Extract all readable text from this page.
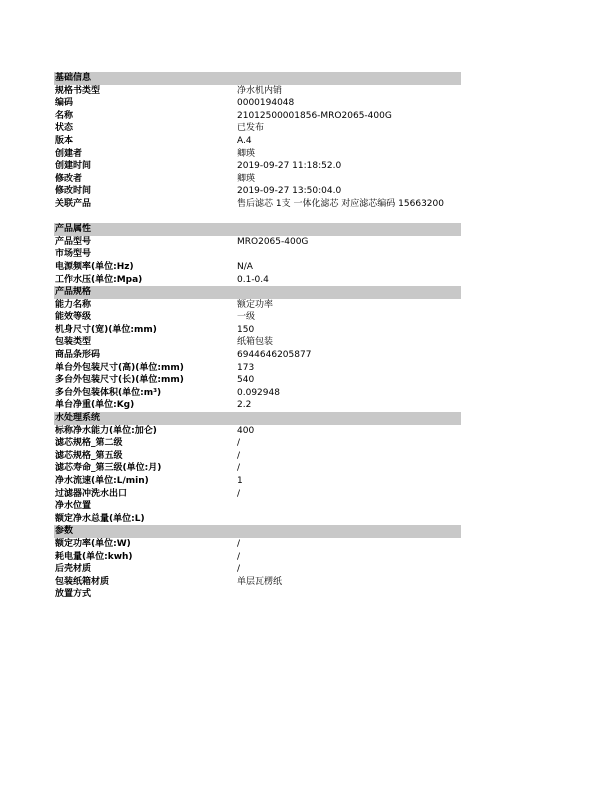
基础信息
规格书类型	净水机内销
编码	0000194048
名称	21012500001856-MRO2065-400G
状态	已发布
版本	A.4
创建者	卿瑛
创建时间	2019-09-27 11:18:52.0
修改者	卿瑛
修改时间	2019-09-27 13:50:04.0
关联产品	售后滤芯 1支 一体化滤芯 对应滤芯编码 15663200
产品属性
产品型号	MRO2065-400G
市场型号
电源频率(单位:Hz)	N/A
工作水压(单位:Mpa)	0.1-0.4
产品规格
能力名称	额定功率
能效等级	一级
机身尺寸(宽)(单位:mm)	150
包装类型	纸箱包装
商品条形码	6944646205877
单台外包装尺寸(高)(单位:mm)	173
多台外包装尺寸(长)(单位:mm)	540
多台外包装体积(单位:m³)	0.092948
单台净重(单位:Kg)	2.2
水处理系统
标称净水能力(单位:加仑)	400
滤芯规格_第二级	/
滤芯规格_第五级	/
滤芯寿命_第三级(单位:月)	/
净水流速(单位:L/min)	1
过滤器冲洗水出口	/
净水位置
额定净水总量(单位:L)
参数
额定功率(单位:W)	/
耗电量(单位:kwh)	/
后壳材质	/
包装纸箱材质	单层瓦楞纸
放置方式
